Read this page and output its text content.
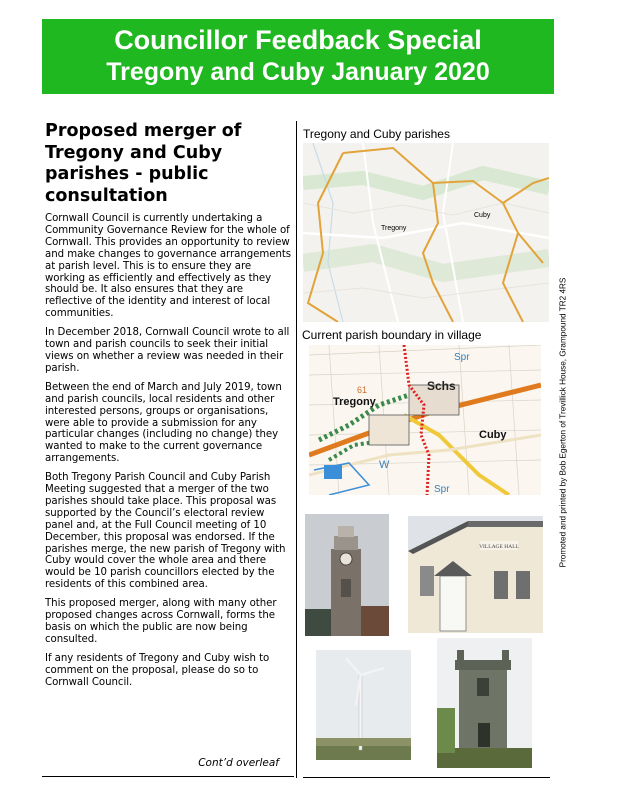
Councillor Feedback Special
Tregony and Cuby January 2020
Proposed merger of Tregony and Cuby parishes - public consultation

Cornwall Council is currently undertaking a Community Governance Review for the whole of Cornwall. This provides an opportunity to review and make changes to governance arrangements at parish level. This is to ensure they are working as efficiently and effectively as they should be. It also ensures that they are reflective of the identity and interest of local communities.

In December 2018, Cornwall Council wrote to all town and parish councils to seek their initial views on whether a review was needed in their parish.

Between the end of March and July 2019, town and parish councils, local residents and other interested persons, groups or organisations, were able to provide a submission for any particular changes (including no change) they wanted to make to the current governance arrangements.

Both Tregony Parish Council and Cuby Parish Meeting suggested that a merger of the two parishes should take place. This proposal was supported by the Council’s electoral review panel and, at the Full Council meeting of 10 December, this proposal was endorsed. If the parishes merge, the new parish of Tregony with Cuby would cover the whole area and there would be 10 parish councillors elected by the residents of this combined area.

This proposed merger, along with many other proposed changes across Cornwall, forms the basis on which the public are now being consulted.

If any residents of Tregony and Cuby wish to comment on the proposal, please do so to Cornwall Council.

Cont’d overleaf
Tregony and Cuby parishes
Tregony
Cuby
Current parish boundary in village
Schs
Tregony
Cuby
Spr
Spr
61
W
VILLAGE HALL	Promoted and printed by Bob Egerton of Trevillick House, Grampound TR2 4RS
